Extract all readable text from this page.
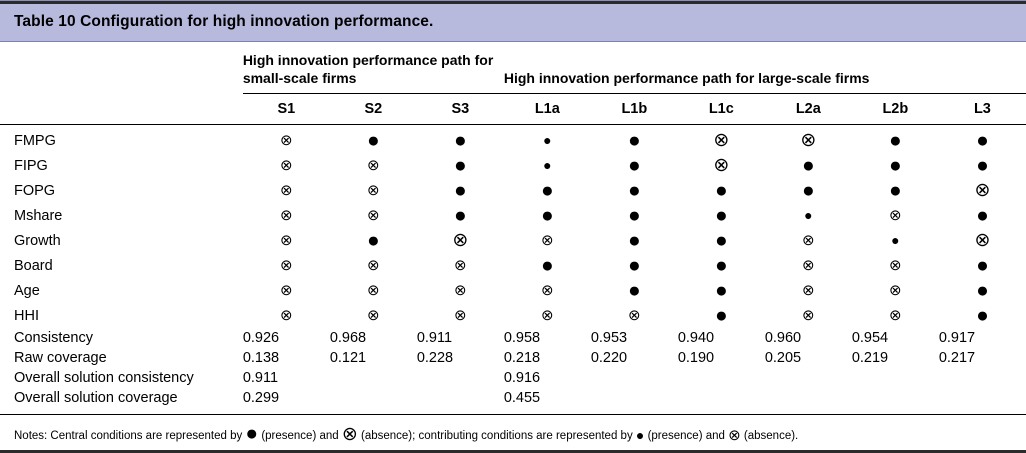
Table 10 Configuration for high innovation performance.
	High innovation performance path for small-scale firms			High innovation performance path for large-scale firms					
	S1	S2	S3	L1a	L1b	L1c	L2a	L2b	L3

FMPG	⊗	●	●	●	●	⊗	⊗	●	●
FIPG	⊗	⊗	●	●	●	⊗	●	●	●
FOPG	⊗	⊗	●	●	●	●	●	●	⊗
Mshare	⊗	⊗	●	●	●	●	●	⊗	●
Growth	⊗	●	⊗	⊗	●	●	⊗	●	⊗
Board	⊗	⊗	⊗	●	●	●	⊗	⊗	●
Age	⊗	⊗	⊗	⊗	●	●	⊗	⊗	●
HHI	⊗	⊗	⊗	⊗	⊗	●	⊗	⊗	●
Consistency	0.926	0.968	0.911	0.958	0.953	0.940	0.960	0.954	0.917
Raw coverage	0.138	0.121	0.228	0.218	0.220	0.190	0.205	0.219	0.217
Overall solution consistency	0.911			0.916					
Overall solution coverage	0.299			0.455					
Notes: Central conditions are represented by ● (presence) and ⊗ (absence); contributing conditions are represented by ● (presence) and ⊗ (absence).
